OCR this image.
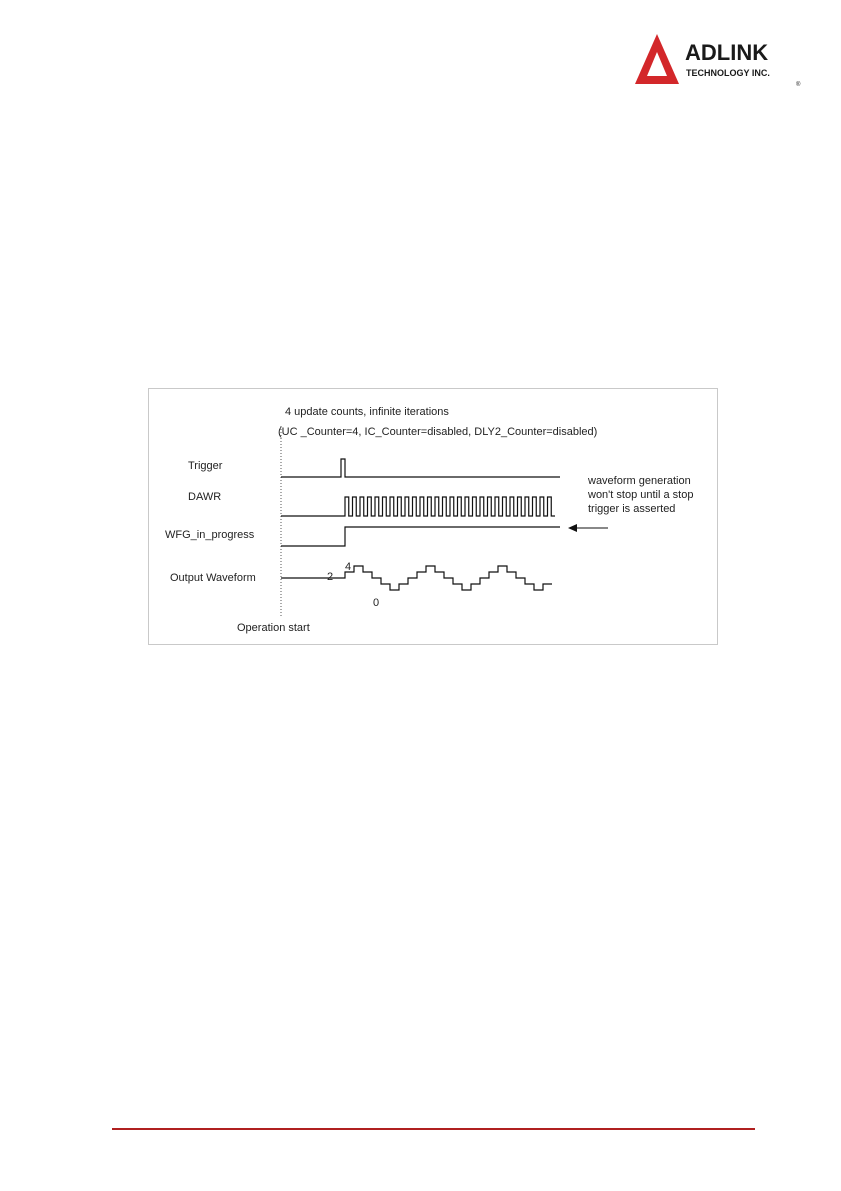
ADLINK
TECHNOLOGY INC.
®
4 update counts, infinite iterations
(UC _Counter=4, IC_Counter=disabled, DLY2_Counter=disabled)
Trigger
DAWR
WFG_in_progress
Output Waveform	2
4
0
waveform generation
won't stop until a stop
trigger is asserted
Operation start
